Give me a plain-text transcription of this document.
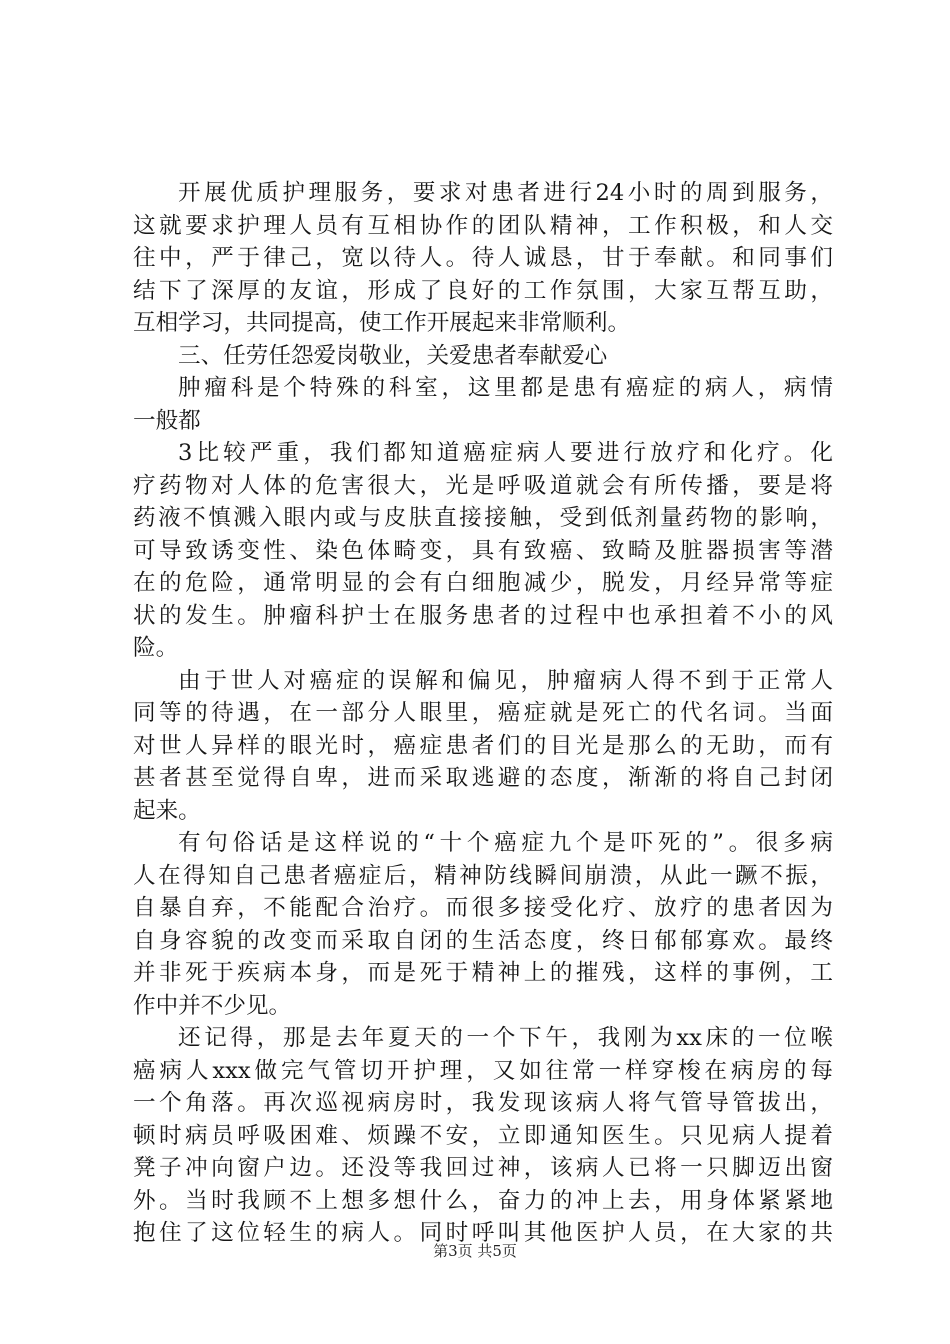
开展优质护理服务，要求对患者进行24小时的周到服务，
这就要求护理人员有互相协作的团队精神，工作积极，和人交
往中，严于律己，宽以待人。待人诚恳，甘于奉献。和同事们
结下了深厚的友谊，形成了良好的工作氛围，大家互帮互助，
互相学习，共同提高，使工作开展起来非常顺利。
三、任劳任怨爱岗敬业，关爱患者奉献爱心
肿瘤科是个特殊的科室，这里都是患有癌症的病人，病情
一般都
3比较严重，我们都知道癌症病人要进行放疗和化疗。化
疗药物对人体的危害很大，光是呼吸道就会有所传播，要是将
药液不慎溅入眼内或与皮肤直接接触，受到低剂量药物的影响，
可导致诱变性、染色体畸变，具有致癌、致畸及脏器损害等潜
在的危险，通常明显的会有白细胞减少，脱发，月经异常等症
状的发生。肿瘤科护士在服务患者的过程中也承担着不小的风
险。
由于世人对癌症的误解和偏见，肿瘤病人得不到于正常人
同等的待遇，在一部分人眼里，癌症就是死亡的代名词。当面
对世人异样的眼光时，癌症患者们的目光是那么的无助，而有
甚者甚至觉得自卑，进而采取逃避的态度，渐渐的将自己封闭
起来。
有句俗话是这样说的“十个癌症九个是吓死的”。很多病
人在得知自己患者癌症后，精神防线瞬间崩溃，从此一蹶不振，
自暴自弃，不能配合治疗。而很多接受化疗、放疗的患者因为
自身容貌的改变而采取自闭的生活态度，终日郁郁寡欢。最终
并非死于疾病本身，而是死于精神上的摧残，这样的事例，工
作中并不少见。
还记得，那是去年夏天的一个下午，我刚为xx床的一位喉
癌病人xxx做完气管切开护理，又如往常一样穿梭在病房的每
一个角落。再次巡视病房时，我发现该病人将气管导管拔出，
顿时病员呼吸困难、烦躁不安，立即通知医生。只见病人提着
凳子冲向窗户边。还没等我回过神，该病人已将一只脚迈出窗
外。当时我顾不上想多想什么，奋力的冲上去，用身体紧紧地
抱住了这位轻生的病人。同时呼叫其他医护人员，在大家的共
第3页 共5页
